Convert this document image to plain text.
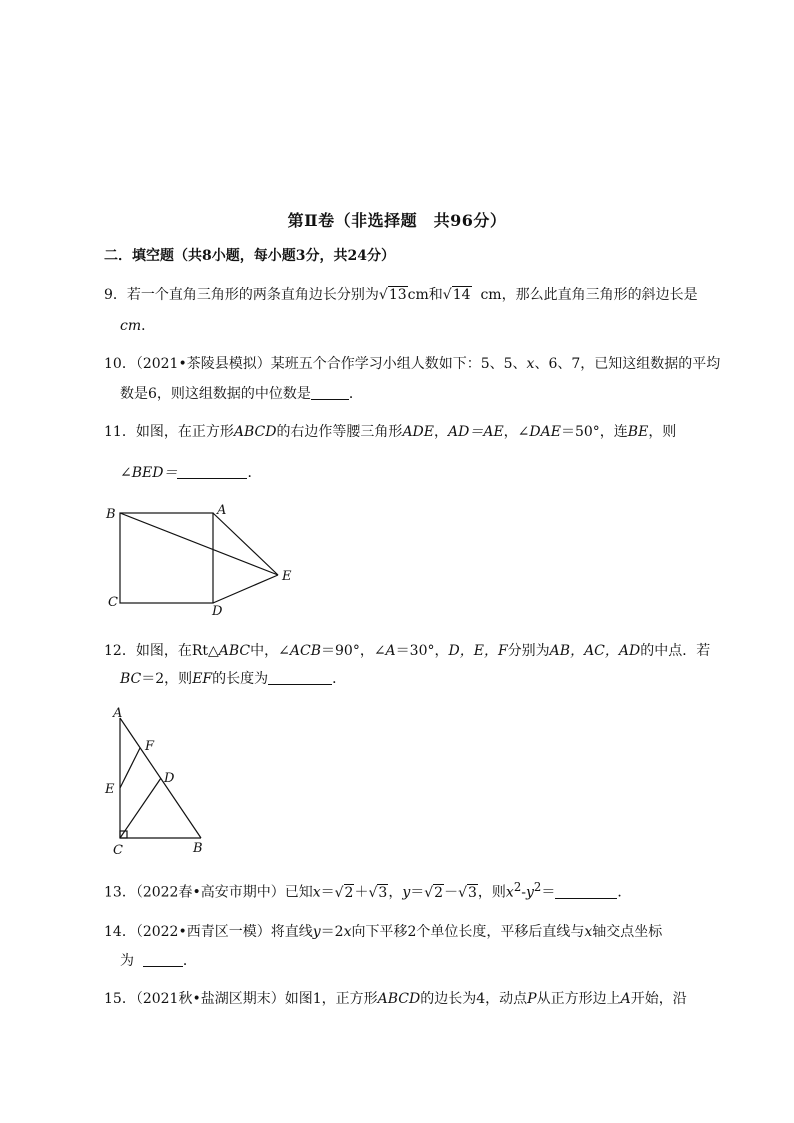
第Ⅱ卷（非选择题　共96分）
二．填空题（共8小题，每小题3分，共24分）
9．若一个直角三角形的两条直角边长分别为√13cm和√14 cm，那么此直角三角形的斜边长是
cm．
10．（2021•茶陵县模拟）某班五个合作学习小组人数如下：5、5、x、6、7，已知这组数据的平均
数是6，则这组数据的中位数是	．
11．如图，在正方形ABCD的右边作等腰三角形ADE，AD＝AE，∠DAE＝50°，连BE，则
∠BED＝	．
B	A
C
D
E
12．如图，在Rt△ABC中，∠ACB＝90°，∠A＝30°，D，E，F分别为AB，AC，AD的中点．若
BC＝2，则EF的长度为	．
A
F
D
E
C	B
13．（2022春•高安市期中）已知x＝√2＋√3，y＝√2－√3，则$x^2-y^2=$	．
14．（2022•西青区一模）将直线y＝2x向下平移2个单位长度，平移后直线与x轴交点坐标
为	．
15．（2021秋•盐湖区期末）如图1，正方形ABCD的边长为4，动点P从正方形边上A开始，沿
